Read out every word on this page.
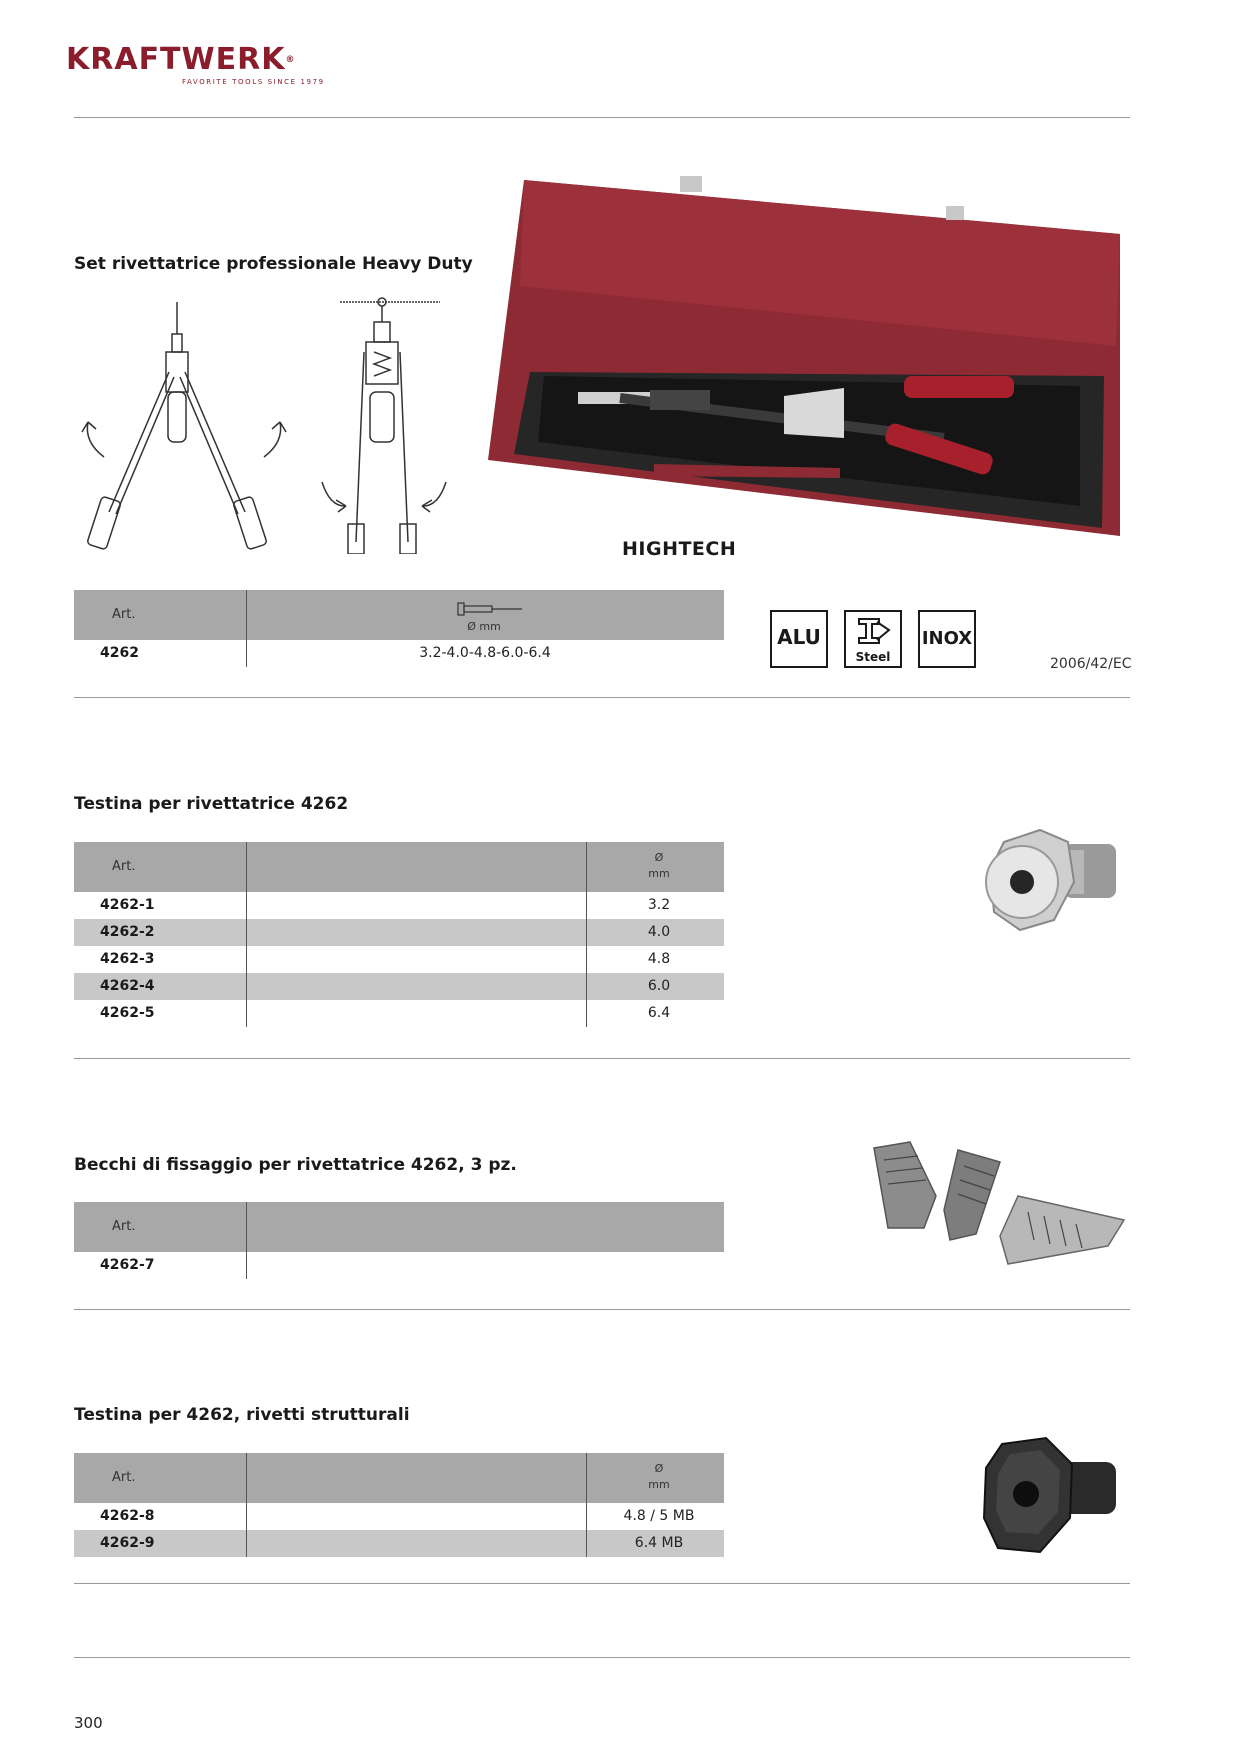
KRAFTWERK®
FAVORITE TOOLS SINCE 1979
Set rivettatrice professionale Heavy Duty
HIGHTECH
Art.
Ø mm
4262	3.2-4.0-4.8-6.0-6.4
ALU
Steel
INOX
2006/42/EC
Testina per rivettatrice 4262
Art.
Ø
mm
4262-1	3.2
4262-2	4.0
4262-3	4.8
4262-4	6.0
4262-5	6.4
Becchi di fissaggio per rivettatrice 4262, 3 pz.
Art.
4262-7
Testina per 4262, rivetti strutturali
Art.
Ø
mm
4262-8	4.8 / 5 MB
4262-9	6.4 MB
300
